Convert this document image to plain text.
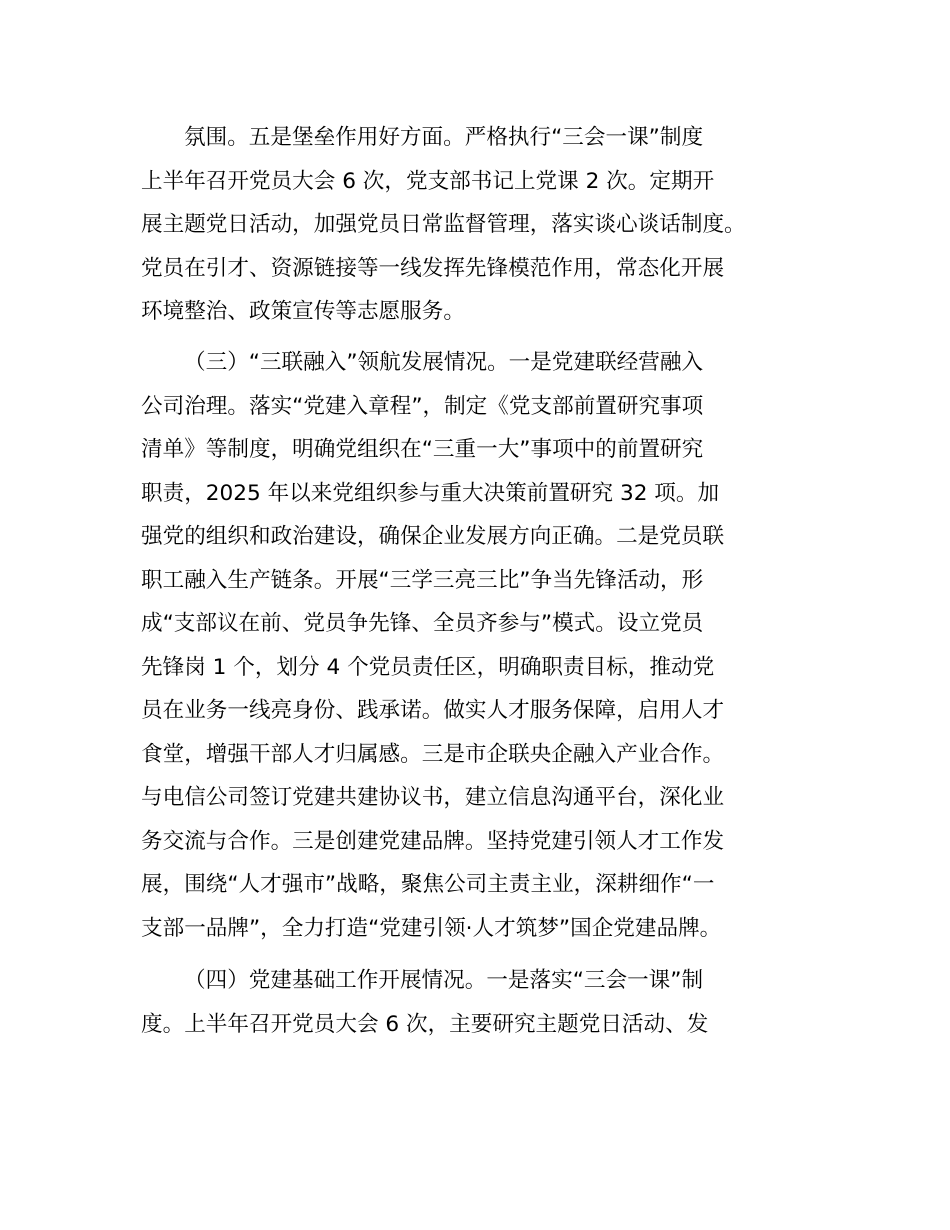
氛围。五是堡垒作用好方面。严格执行“三会一课”制度
上半年召开党员大会 6 次，党支部书记上党课 2 次。定期开
展主题党日活动，加强党员日常监督管理，落实谈心谈话制度。
党员在引才、资源链接等一线发挥先锋模范作用，常态化开展
环境整治、政策宣传等志愿服务。
（三）“三联融入”领航发展情况。一是党建联经营融入
公司治理。落实“党建入章程”，制定《党支部前置研究事项
清单》等制度，明确党组织在“三重一大”事项中的前置研究
职责，2025 年以来党组织参与重大决策前置研究 32 项。加
强党的组织和政治建设，确保企业发展方向正确。二是党员联
职工融入生产链条。开展“三学三亮三比”争当先锋活动，形
成“支部议在前、党员争先锋、全员齐参与”模式。设立党员
先锋岗 1 个，划分 4 个党员责任区，明确职责目标，推动党
员在业务一线亮身份、践承诺。做实人才服务保障，启用人才
食堂，增强干部人才归属感。三是市企联央企融入产业合作。
与电信公司签订党建共建协议书，建立信息沟通平台，深化业
务交流与合作。三是创建党建品牌。坚持党建引领人才工作发
展，围绕“人才强市”战略，聚焦公司主责主业，深耕细作“一
支部一品牌”，全力打造“党建引领·人才筑梦”国企党建品牌。
（四）党建基础工作开展情况。一是落实“三会一课”制
度。上半年召开党员大会 6 次，主要研究主题党日活动、发
